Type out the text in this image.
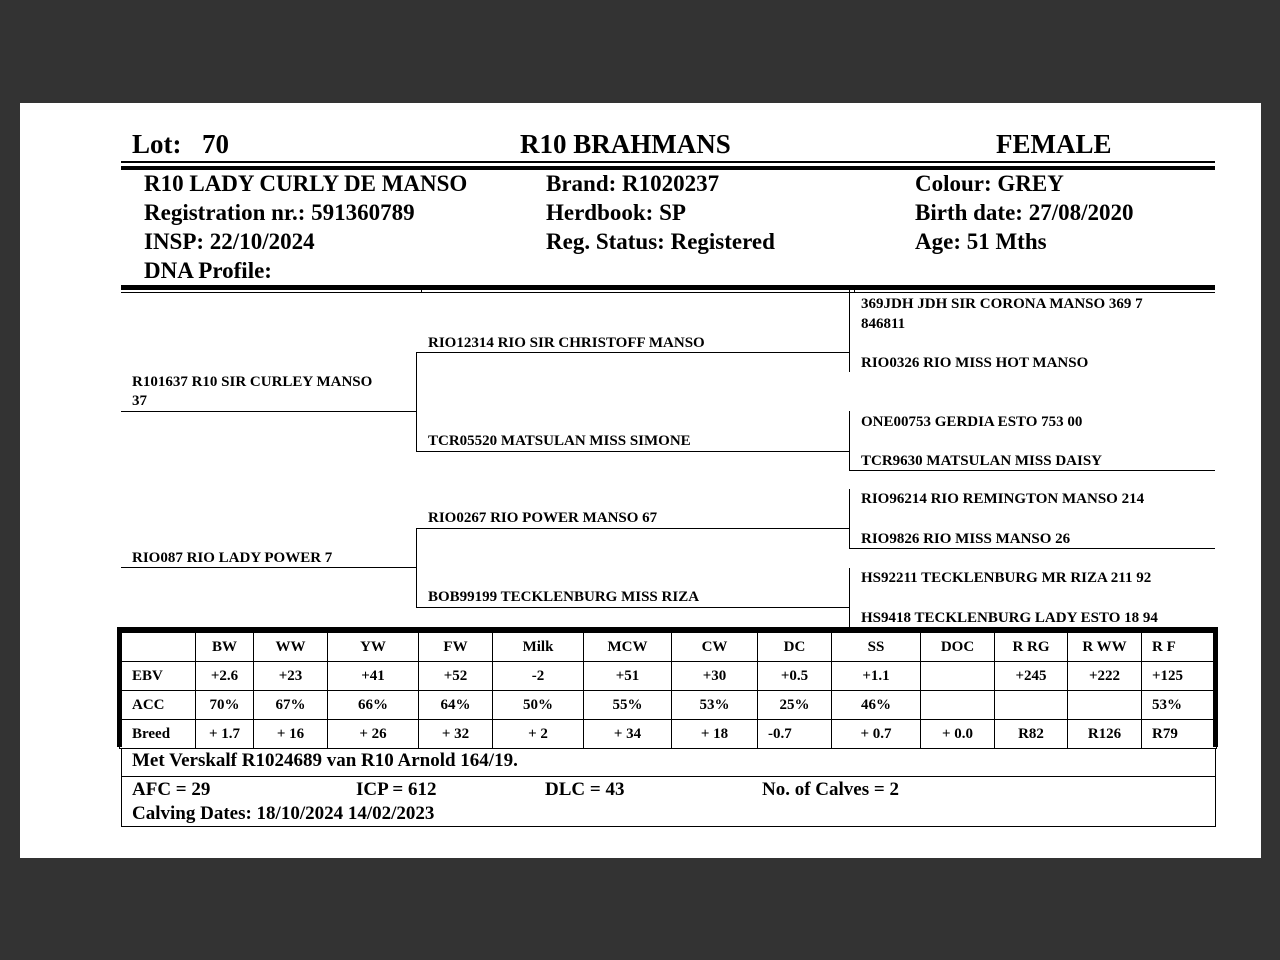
Lot: 70	R10 BRAHMANS	FEMALE
R10 LADY CURLY DE MANSO
Registration nr.: 591360789
INSP: 22/10/2024
DNA Profile:
Brand: R1020237
Herdbook: SP
Reg. Status: Registered
Colour: GREY
Birth date: 27/08/2020
Age: 51 Mths
R101637 R10 SIR CURLEY MANSO
37
RIO087 RIO LADY POWER 7
RIO12314 RIO SIR CHRISTOFF MANSO
TCR05520 MATSULAN MISS SIMONE
RIO0267 RIO POWER MANSO 67
BOB99199 TECKLENBURG MISS RIZA
369JDH JDH SIR CORONA MANSO 369 7
846811
RIO0326 RIO MISS HOT MANSO
ONE00753 GERDIA ESTO 753 00
TCR9630 MATSULAN MISS DAISY
RIO96214 RIO REMINGTON MANSO 214
RIO9826 RIO MISS MANSO 26
HS92211 TECKLENBURG MR RIZA 211 92
HS9418 TECKLENBURG LADY ESTO 18 94
	BW	WW	YW	FW	Milk	MCW	CW	DC	SS	DOC	R RG	R WW	R F
EBV	+2.6	+23	+41	+52	-2	+51	+30	+0.5	+1.1		+245	+222	+125
ACC	70%	67%	66%	64%	50%	55%	53%	25%	46%				53%
Breed	+ 1.7	+ 16	+ 26	+ 32	+ 2	+ 34	+ 18	-0.7	+ 0.7	+ 0.0	R82	R126	R79
Met Verskalf R1024689 van R10 Arnold 164/19.
AFC = 29	ICP = 612	DLC = 43	No. of Calves = 2
Calving Dates: 18/10/2024 14/02/2023
